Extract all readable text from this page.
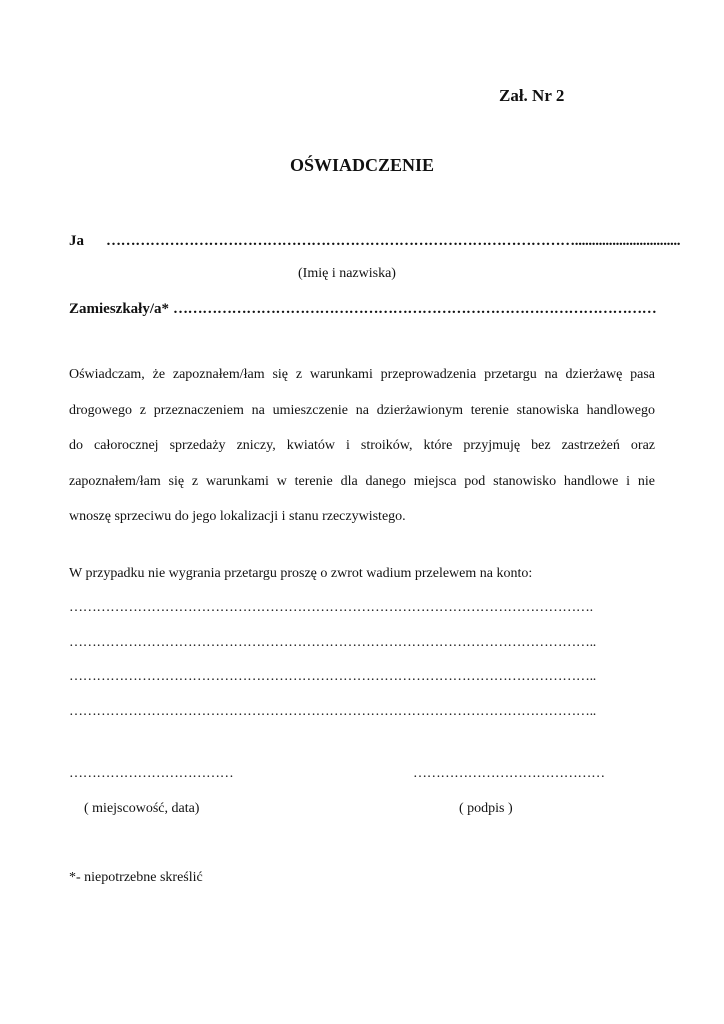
Zał. Nr 2
OŚWIADCZENIE
Ja ……………………………………………………………………………………...............................
(Imię i nazwiska)
Zamieszkały/a* ………………………………………………………………………………………
Oświadczam, że zapoznałem/łam się z warunkami przeprowadzenia przetargu na dzierżawę pasa
drogowego z przeznaczeniem na umieszczenie na dzierżawionym terenie stanowiska handlowego
do całorocznej sprzedaży zniczy, kwiatów i stroików, które przyjmuję bez zastrzeżeń oraz
zapoznałem/łam się z warunkami w terenie dla danego miejsca pod stanowisko handlowe i nie
wnoszę sprzeciwu do jego lokalizacji i stanu rzeczywistego.
W przypadku nie wygrania przetargu proszę o zwrot wadium przelewem na konto:
…………………………………………………………………………………………………….
……………………………………………………………………………………………………..
……………………………………………………………………………………………………..
……………………………………………………………………………………………………..
………………………………	……………………………………
( miejscowość, data)	( podpis )
*- niepotrzebne skreślić
